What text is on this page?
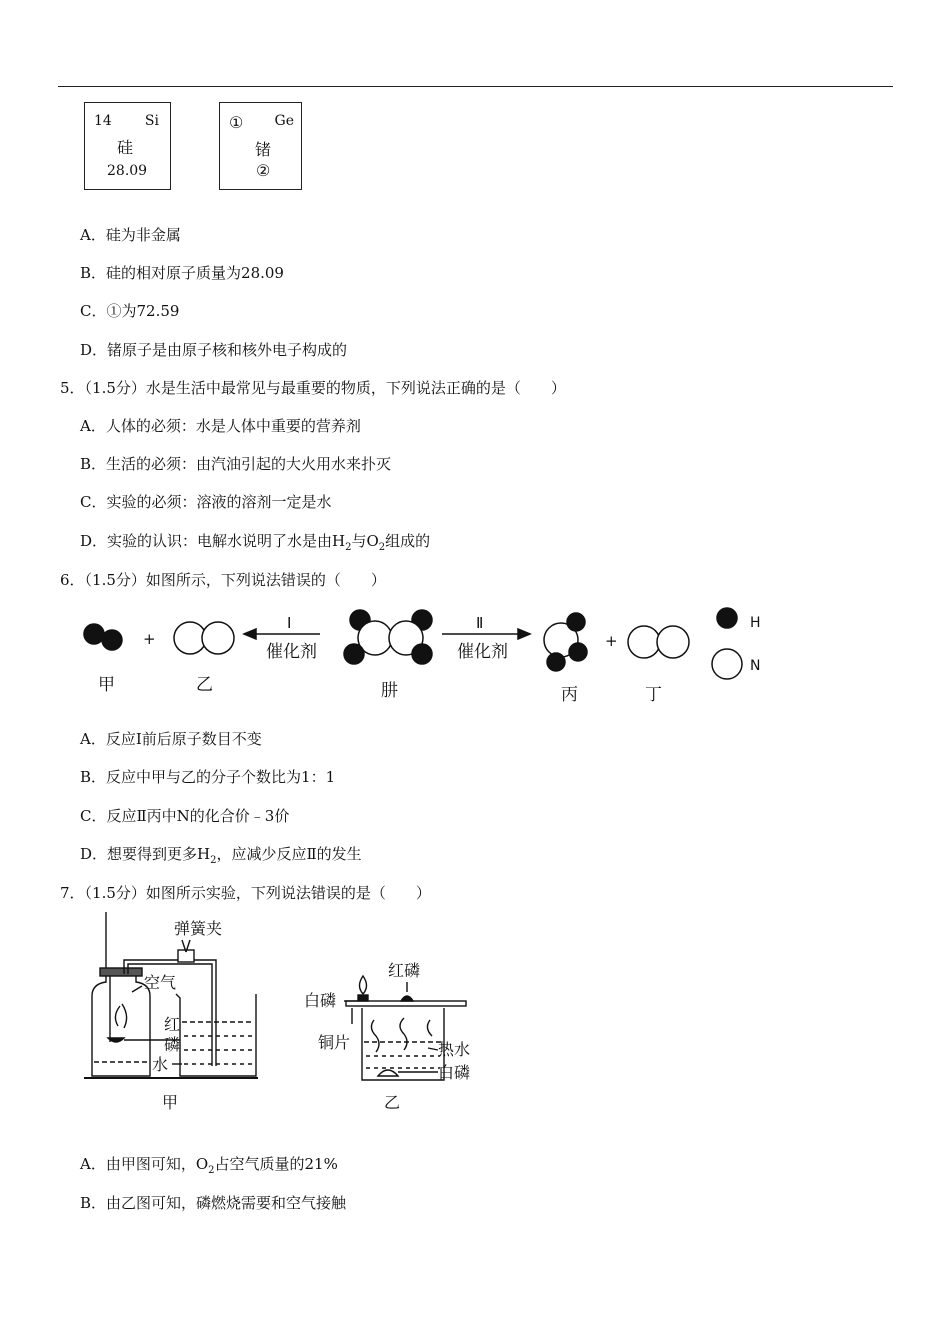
14 Si
硅
28.09
① Ge
锗
②
A．硅为非金属
B．硅的相对原子质量为28.09
C．①为72.59
D．锗原子是由原子核和核外电子构成的
5．（1.5分）水是生活中最常见与最重要的物质，下列说法正确的是（　　）
A．人体的必须：水是人体中重要的营养剂
B．生活的必须：由汽油引起的大火用水来扑灭
C．实验的必须：溶液的溶剂一定是水
D．实验的认识：电解水说明了水是由$H_2$与$O_2$组成的
6．（1.5分）如图所示，下列说法错误的（　　）
+	+
Ⅰ
催化剂
Ⅱ
催化剂
甲	乙	肼	丙	丁
H
N
A．反应Ⅰ前后原子数目不变
B．反应中甲与乙的分子个数比为1：1
C．反应Ⅱ丙中N的化合价﹣3价
D．想要得到更多$H_2$，应减少反应Ⅱ的发生
7．（1.5分）如图所示实验，下列说法错误的是（　　）
弹簧夹
空气
红
磷
水
甲
红磷
白磷
铜片	热水
白磷
乙
A．由甲图可知，$O_2$占空气质量的21%
B．由乙图可知，磷燃烧需要和空气接触
